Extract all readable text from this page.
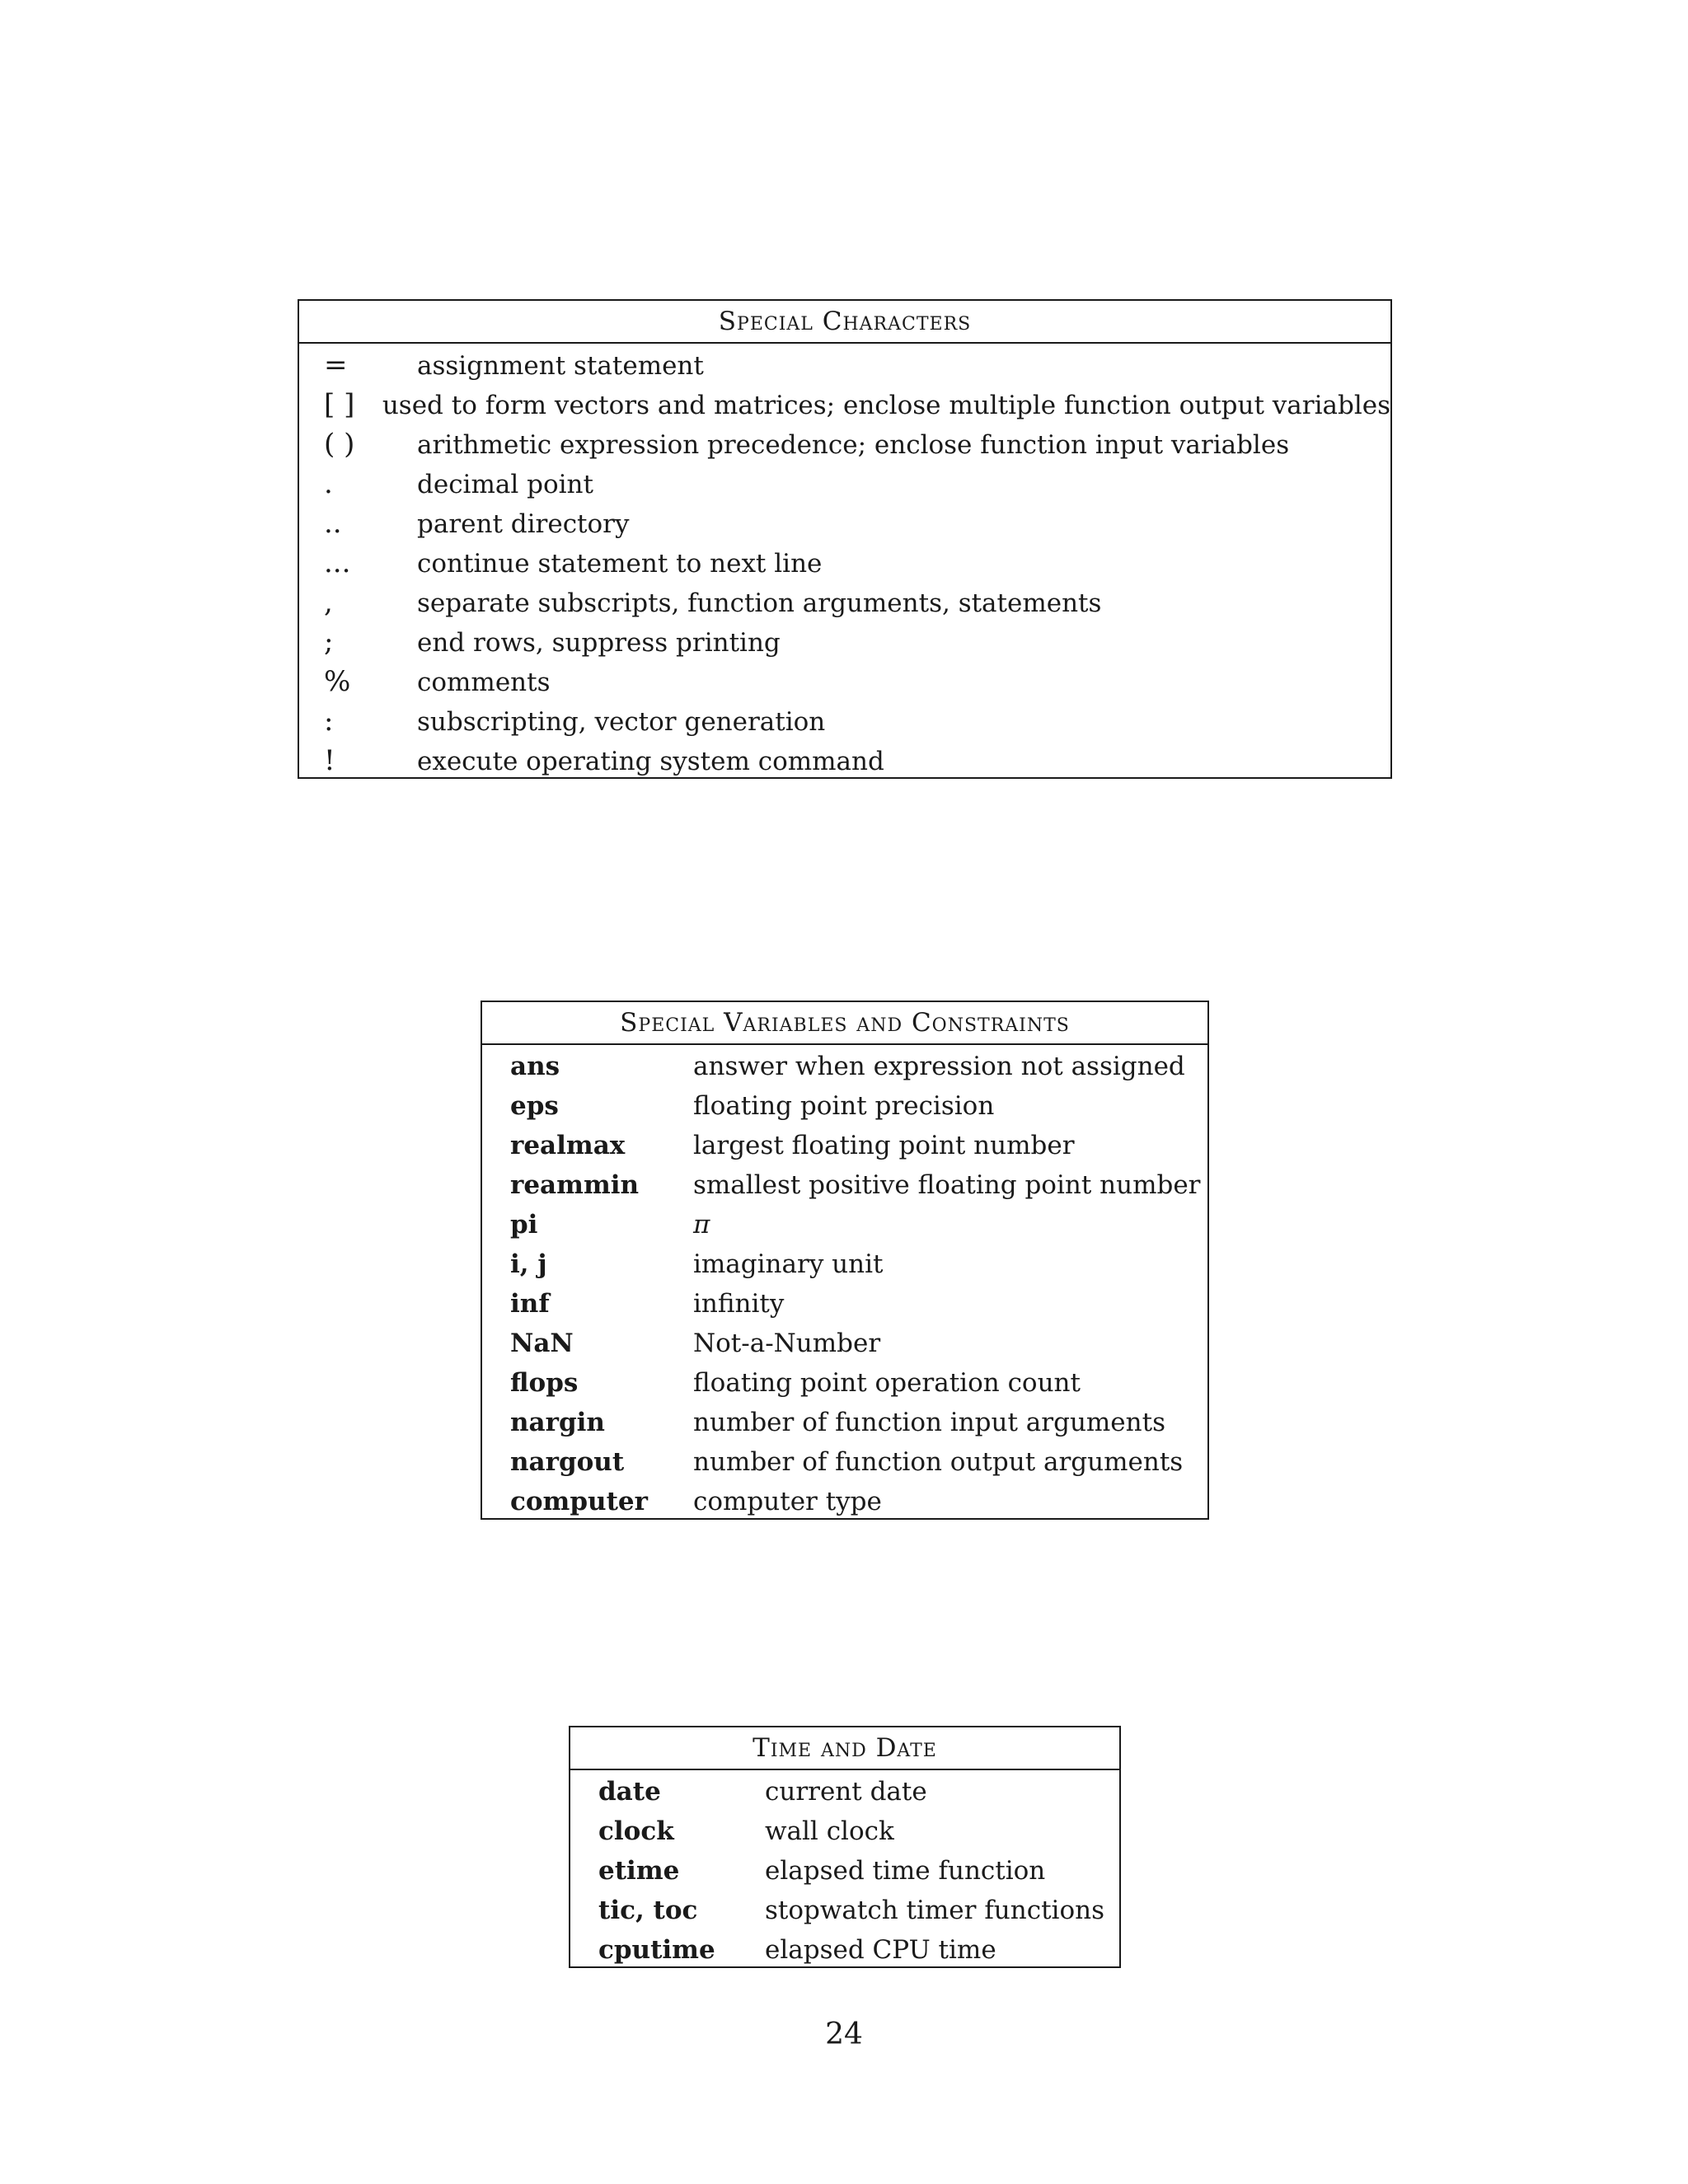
Special Characters
=	assignment statement
[ ]	used to form vectors and matrices; enclose multiple function output variables
( )	arithmetic expression precedence; enclose function input variables
.	decimal point
..	parent directory
...	continue statement to next line
,	separate subscripts, function arguments, statements
;	end rows, suppress printing
%	comments
:	subscripting, vector generation
!	execute operating system command
Special Variables and Constraints
ans	answer when expression not assigned
eps	floating point precision
realmax	largest floating point number
reammin	smallest positive floating point number
pi	π
i, j	imaginary unit
inf	infinity
NaN	Not-a-Number
flops	floating point operation count
nargin	number of function input arguments
nargout	number of function output arguments
computer	computer type
Time and Date
date	current date
clock	wall clock
etime	elapsed time function
tic, toc	stopwatch timer functions
cputime	elapsed CPU time
24
